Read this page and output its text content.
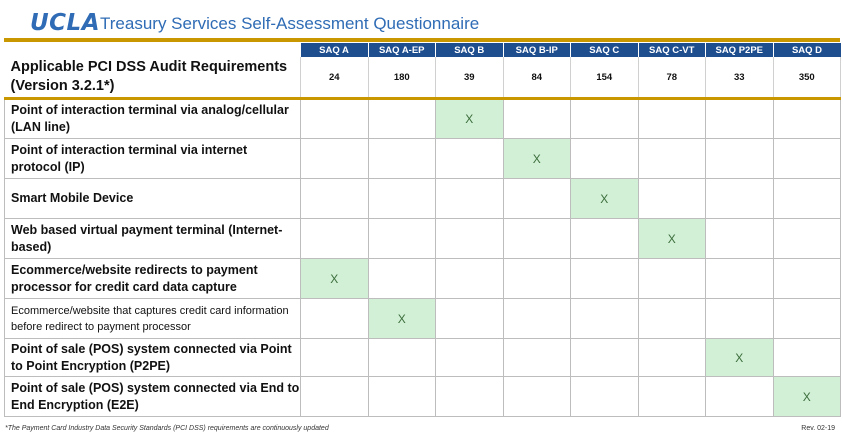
UCLA Treasury Services Self-Assessment Questionnaire
	SAQ A	SAQ A-EP	SAQ B	SAQ B-IP	SAQ C	SAQ C-VT	SAQ P2PE	SAQ D
Applicable PCI DSS Audit Requirements (Version 3.2.1*)	24	180	39	84	154	78	33	350
Point of interaction terminal via analog/cellular (LAN line)			X					
Point of interaction terminal via internet protocol (IP)				X				
Smart Mobile Device					X			
Web based virtual payment terminal (Internet-based)						X		
Ecommerce/website redirects to payment processor for credit card data capture	X							
Ecommerce/website that captures credit card information before redirect to payment processor		X						
Point of sale (POS) system connected via Point to Point Encryption (P2PE)							X	
Point of sale (POS) system connected via End to End Encryption (E2E)								X
*The Payment Card Industry Data Security Standards (PCI DSS) requirements are continuously updated	Rev. 02-19
